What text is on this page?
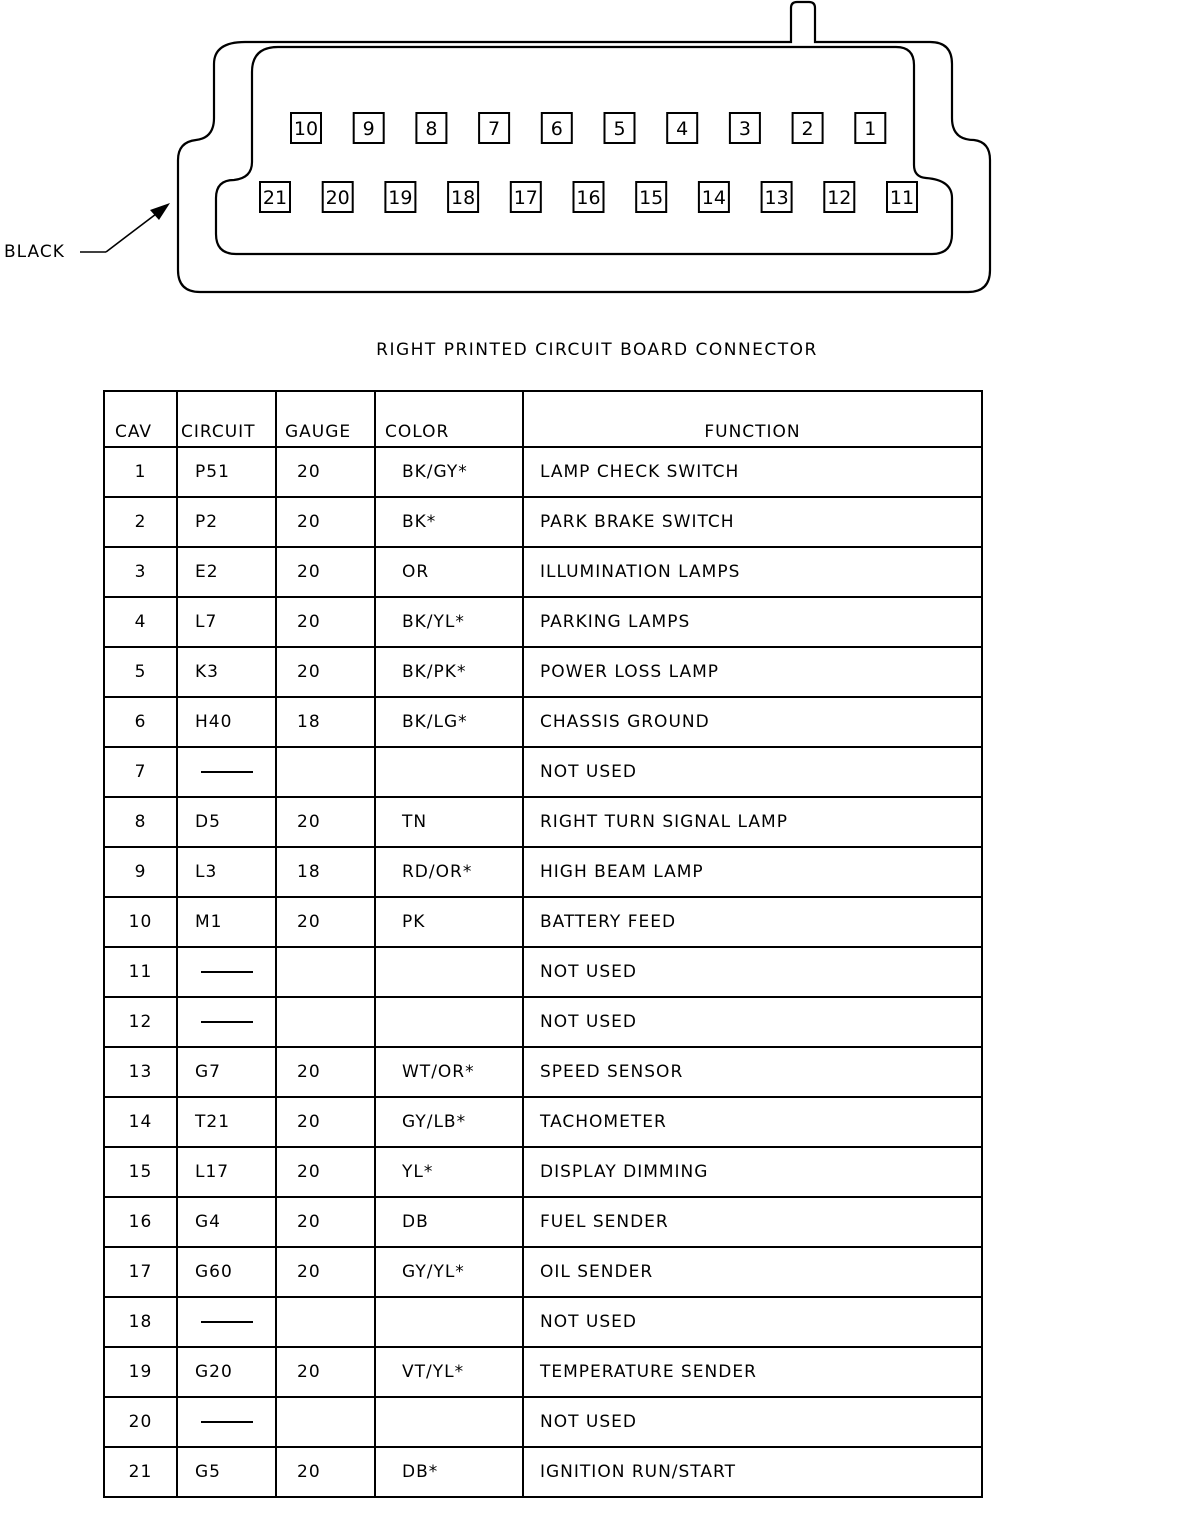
10 9	8	7	6	5	4	3	2	1
21 20 19 18 17 16 15 14 13 12 11
BLACK
RIGHT PRINTED CIRCUIT BOARD CONNECTOR
CAV	CIRCUIT	GAUGE	COLOR	FUNCTION
1	P51	20	BK/GY*	LAMP CHECK SWITCH
2	P2	20	BK*	PARK BRAKE SWITCH
3	E2	20	OR	ILLUMINATION LAMPS
4	L7	20	BK/YL*	PARKING LAMPS
5	K3	20	BK/PK*	POWER LOSS LAMP
6	H40	18	BK/LG*	CHASSIS GROUND
7				NOT USED
8	D5	20	TN	RIGHT TURN SIGNAL LAMP
9	L3	18	RD/OR*	HIGH BEAM LAMP
10	M1	20	PK	BATTERY FEED
11				NOT USED
12				NOT USED
13	G7	20	WT/OR*	SPEED SENSOR
14	T21	20	GY/LB*	TACHOMETER
15	L17	20	YL*	DISPLAY DIMMING
16	G4	20	DB	FUEL SENDER
17	G60	20	GY/YL*	OIL SENDER
18				NOT USED
19	G20	20	VT/YL*	TEMPERATURE SENDER
20				NOT USED
21	G5	20	DB*	IGNITION RUN/START
